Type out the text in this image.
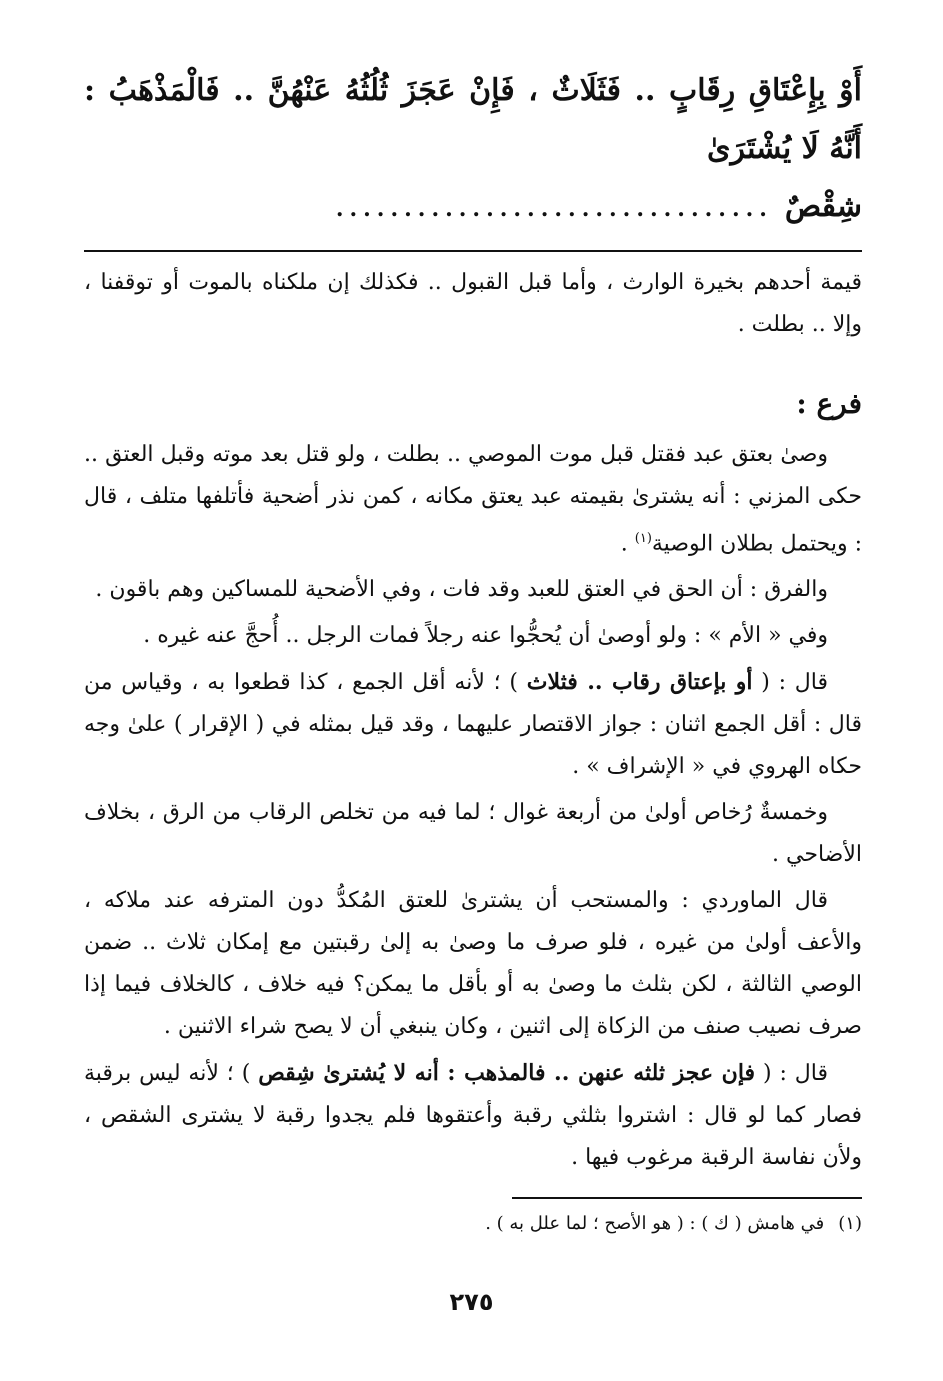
أَوْ بِإِعْتَاقِ رِقَابٍ .. فَثَلَاثٌ ، فَإِنْ عَجَزَ ثُلُثُهُ عَنْهُنَّ .. فَالْمَذْهَبُ : أَنَّهُ لَا يُشْتَرَىٰ

شِقْصٌ................................

قيمة أحدهم بخيرة الوارث ، وأما قبل القبول .. فكذلك إن ملكناه بالموت أو توقفنا ، وإلا .. بطلت .

فرع :

وصىٰ بعتق عبد فقتل قبل موت الموصي .. بطلت ، ولو قتل بعد موته وقبل العتق .. حكى المزني : أنه يشترىٰ بقيمته عبد يعتق مكانه ، كمن نذر أضحية فأتلفها متلف ، قال : ويحتمل بطلان الوصية$^{(١)}$ .

والفرق : أن الحق في العتق للعبد وقد فات ، وفي الأضحية للمساكين وهم باقون .

وفي « الأم » : ولو أوصىٰ أن يُحجُّوا عنه رجلاً فمات الرجل .. أُحجَّ عنه غيره .

قال : ( أو بإعتاق رقاب .. فثلاث ) ؛ لأنه أقل الجمع ، كذا قطعوا به ، وقياس من قال : أقل الجمع اثنان : جواز الاقتصار عليهما ، وقد قيل بمثله في ( الإقرار ) علىٰ وجه حكاه الهروي في « الإشراف » .

وخمسةٌ رُخاص أولىٰ من أربعة غوال ؛ لما فيه من تخلص الرقاب من الرق ، بخلاف الأضاحي .

قال الماوردي : والمستحب أن يشترىٰ للعتق المُكدُّ دون المترفه عند ملاكه ، والأعف أولىٰ من غيره ، فلو صرف ما وصىٰ به إلىٰ رقبتين مع إمكان ثلاث .. ضمن الوصي الثالثة ، لكن بثلث ما وصىٰ به أو بأقل ما يمكن؟ فيه خلاف ، كالخلاف فيما إذا صرف نصيب صنف من الزكاة إلى اثنين ، وكان ينبغي أن لا يصح شراء الاثنين .

قال : ( فإن عجز ثلثه عنهن .. فالمذهب : أنه لا يُشترىٰ شِقص ) ؛ لأنه ليس برقبة فصار كما لو قال : اشتروا بثلثي رقبة وأعتقوها فلم يجدوا رقبة لا يشترى الشقص ، ولأن نفاسة الرقبة مرغوب فيها .

(١)في هامش ( ك ) : ( هو الأصح ؛ لما علل به ) .
٢٧٥
